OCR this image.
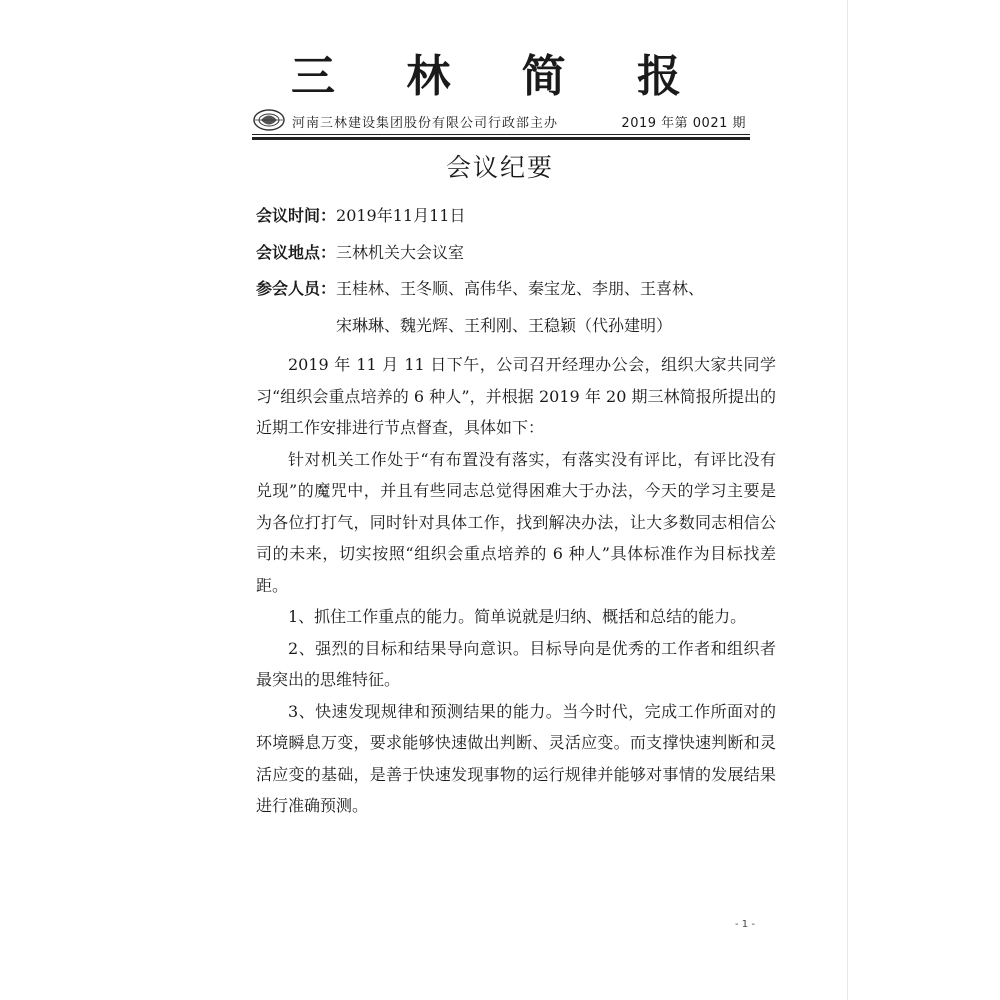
三 林 简 报
河南三林建设集团股份有限公司行政部主办	2019 年第 0021 期
会议纪要
会议时间：2019年11月11日
会议地点：三林机关大会议室
参会人员：王桂林、王冬顺、高伟华、秦宝龙、李朋、王喜林、
宋琳琳、魏光辉、王利刚、王稳颖（代孙建明）

2019 年 11 月 11 日下午，公司召开经理办公会，组织大家共同学习“组织会重点培养的 6 种人”，并根据 2019 年 20 期三林简报所提出的近期工作安排进行节点督查，具体如下：

针对机关工作处于“有布置没有落实，有落实没有评比，有评比没有兑现”的魔咒中，并且有些同志总觉得困难大于办法，今天的学习主要是为各位打打气，同时针对具体工作，找到解决办法，让大多数同志相信公司的未来，切实按照“组织会重点培养的 6 种人”具体标准作为目标找差距。

1、抓住工作重点的能力。简单说就是归纳、概括和总结的能力。

2、强烈的目标和结果导向意识。目标导向是优秀的工作者和组织者最突出的思维特征。

3、快速发现规律和预测结果的能力。当今时代，完成工作所面对的环境瞬息万变，要求能够快速做出判断、灵活应变。而支撑快速判断和灵活应变的基础，是善于快速发现事物的运行规律并能够对事情的发展结果进行准确预测。

- 1 -
